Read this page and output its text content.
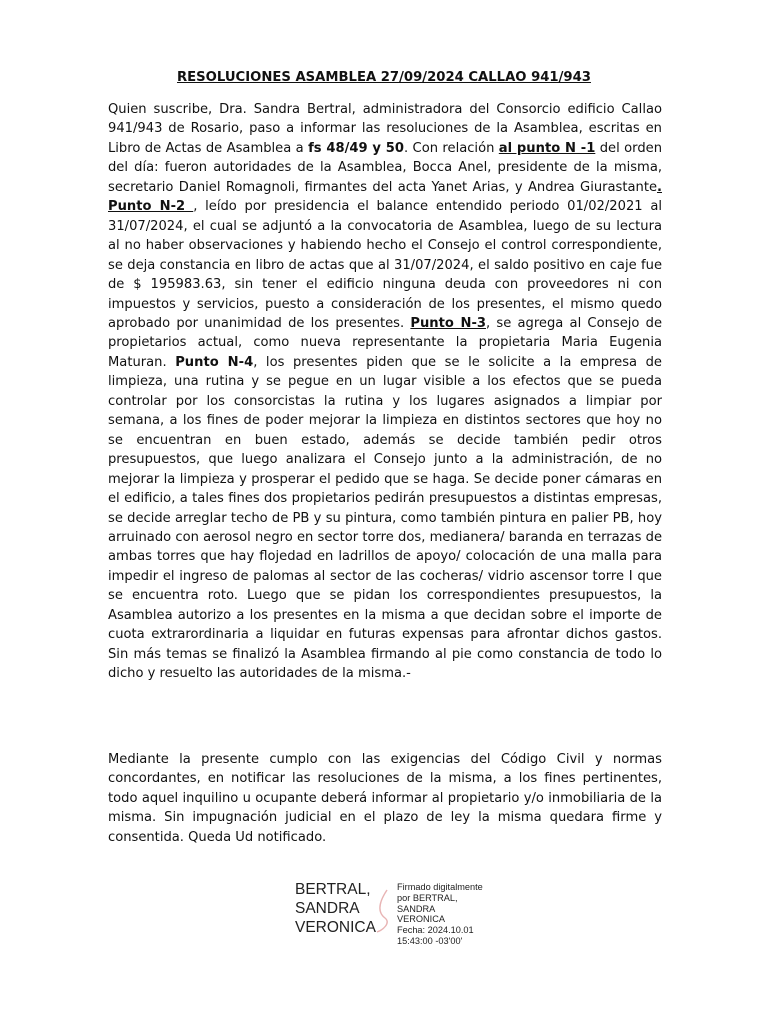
RESOLUCIONES ASAMBLEA 27/09/2024 CALLAO 941/943

Quien suscribe, Dra. Sandra Bertral, administradora del Consorcio edificio Callao 941/943 de Rosario, paso a informar las resoluciones de la Asamblea, escritas en Libro de Actas de Asamblea a fs 48/49 y 50. Con relación al punto N -1 del orden del día: fueron autoridades de la Asamblea, Bocca Anel, presidente de la misma, secretario Daniel Romagnoli, firmantes del acta Yanet Arias, y Andrea Giurastante. Punto N-2 , leído por presidencia el balance entendido periodo 01/02/2021 al 31/07/2024, el cual se adjuntó a la convocatoria de Asamblea, luego de su lectura al no haber observaciones y habiendo hecho el Consejo el control correspondiente, se deja constancia en libro de actas que al 31/07/2024, el saldo positivo en caje fue de $ 195983.63, sin tener el edificio ninguna deuda con proveedores ni con impuestos y servicios, puesto a consideración de los presentes, el mismo quedo aprobado por unanimidad de los presentes. Punto N-3, se agrega al Consejo de propietarios actual, como nueva representante la propietaria Maria Eugenia Maturan. Punto N-4, los presentes piden que se le solicite a la empresa de limpieza, una rutina y se pegue en un lugar visible a los efectos que se pueda controlar por los consorcistas la rutina y los lugares asignados a limpiar por semana, a los fines de poder mejorar la limpieza en distintos sectores que hoy no se encuentran en buen estado, además se decide también pedir otros presupuestos, que luego analizara el Consejo junto a la administración, de no mejorar la limpieza y prosperar el pedido que se haga. Se decide poner cámaras en el edificio, a tales fines dos propietarios pedirán presupuestos a distintas empresas, se decide arreglar techo de PB y su pintura, como también pintura en palier PB, hoy arruinado con aerosol negro en sector torre dos, medianera/ baranda en terrazas de ambas torres que hay flojedad en ladrillos de apoyo/ colocación de una malla para impedir el ingreso de palomas al sector de las cocheras/ vidrio ascensor torre I que se encuentra roto. Luego que se pidan los correspondientes presupuestos, la Asamblea autorizo a los presentes en la misma a que decidan sobre el importe de cuota extrarordinaria a liquidar en futuras expensas para afrontar dichos gastos. Sin más temas se finalizó la Asamblea firmando al pie como constancia de todo lo dicho y resuelto las autoridades de la misma.-

Mediante la presente cumplo con las exigencias del Código Civil y normas concordantes, en notificar las resoluciones de la misma, a los fines pertinentes, todo aquel inquilino u ocupante deberá informar al propietario y/o inmobiliaria de la misma. Sin impugnación judicial en el plazo de ley la misma quedara firme y consentida. Queda Ud notificado.

BERTRAL,
SANDRA
VERONICA
Firmado digitalmente
por BERTRAL, SANDRA
VERONICA
Fecha: 2024.10.01
15:43:00 -03'00'
